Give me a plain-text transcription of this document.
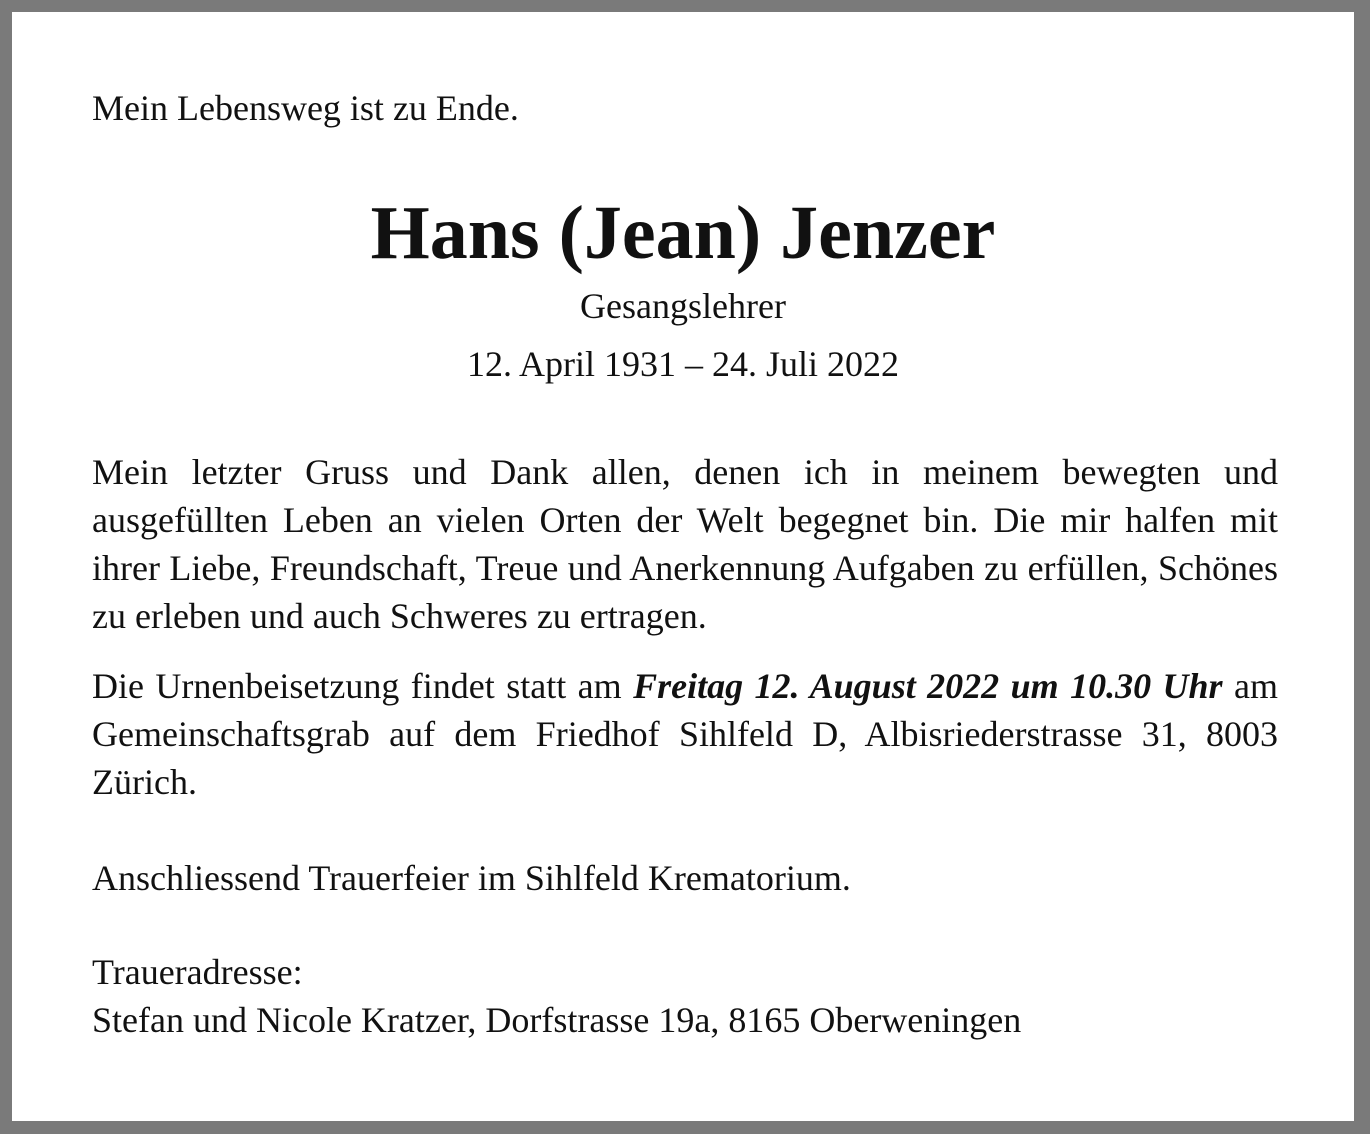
Mein Lebensweg ist zu Ende.

Hans (Jean) Jenzer

Gesangslehrer

12. April 1931 – 24. Juli 2022

Mein letzter Gruss und Dank allen, denen ich in meinem bewegten und ausgefüllten Leben an vielen Orten der Welt begegnet bin. Die mir halfen mit ihrer Liebe, Freundschaft, Treue und Anerkennung Aufgaben zu erfüllen, Schönes zu erleben und auch Schweres zu ertragen.

Die Urnenbeisetzung findet statt am Freitag 12. August 2022 um 10.30 Uhr am Gemeinschaftsgrab auf dem Friedhof Sihlfeld D, Albisriederstrasse 31, 8003 Zürich.

Anschliessend Trauerfeier im Sihlfeld Krematorium.

Traueradresse:
Stefan und Nicole Kratzer, Dorfstrasse 19a, 8165 Oberweningen
